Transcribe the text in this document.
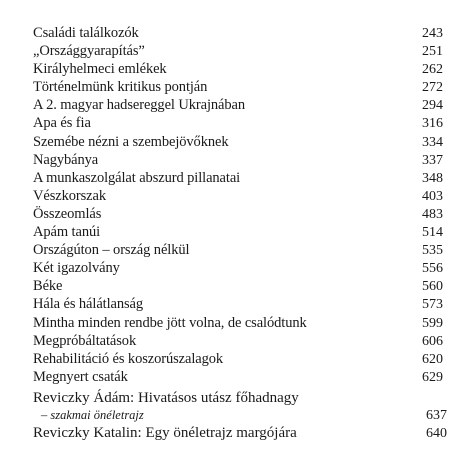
Családi találkozók	243
„Országgyarapítás”	251
Királyhelmeci emlékek	262
Történelmünk kritikus pontján	272
A 2. magyar hadsereggel Ukrajnában	294
Apa és fia	316
Szemébe nézni a szembejövőknek	334
Nagybánya	337
A munkaszolgálat abszurd pillanatai	348
Vészkorszak	403
Összeomlás	483
Apám tanúi	514
Országúton – ország nélkül	535
Két igazolvány	556
Béke	560
Hála és hálátlanság	573
Mintha minden rendbe jött volna, de csalódtunk	599
Megpróbáltatások	606
Rehabilitáció és koszorúszalagok	620
Megnyert csaták	629
Reviczky Ádám: Hivatásos utász főhadnagy
– szakmai önéletrajz	637
Reviczky Katalin: Egy önéletrajz margójára	640
